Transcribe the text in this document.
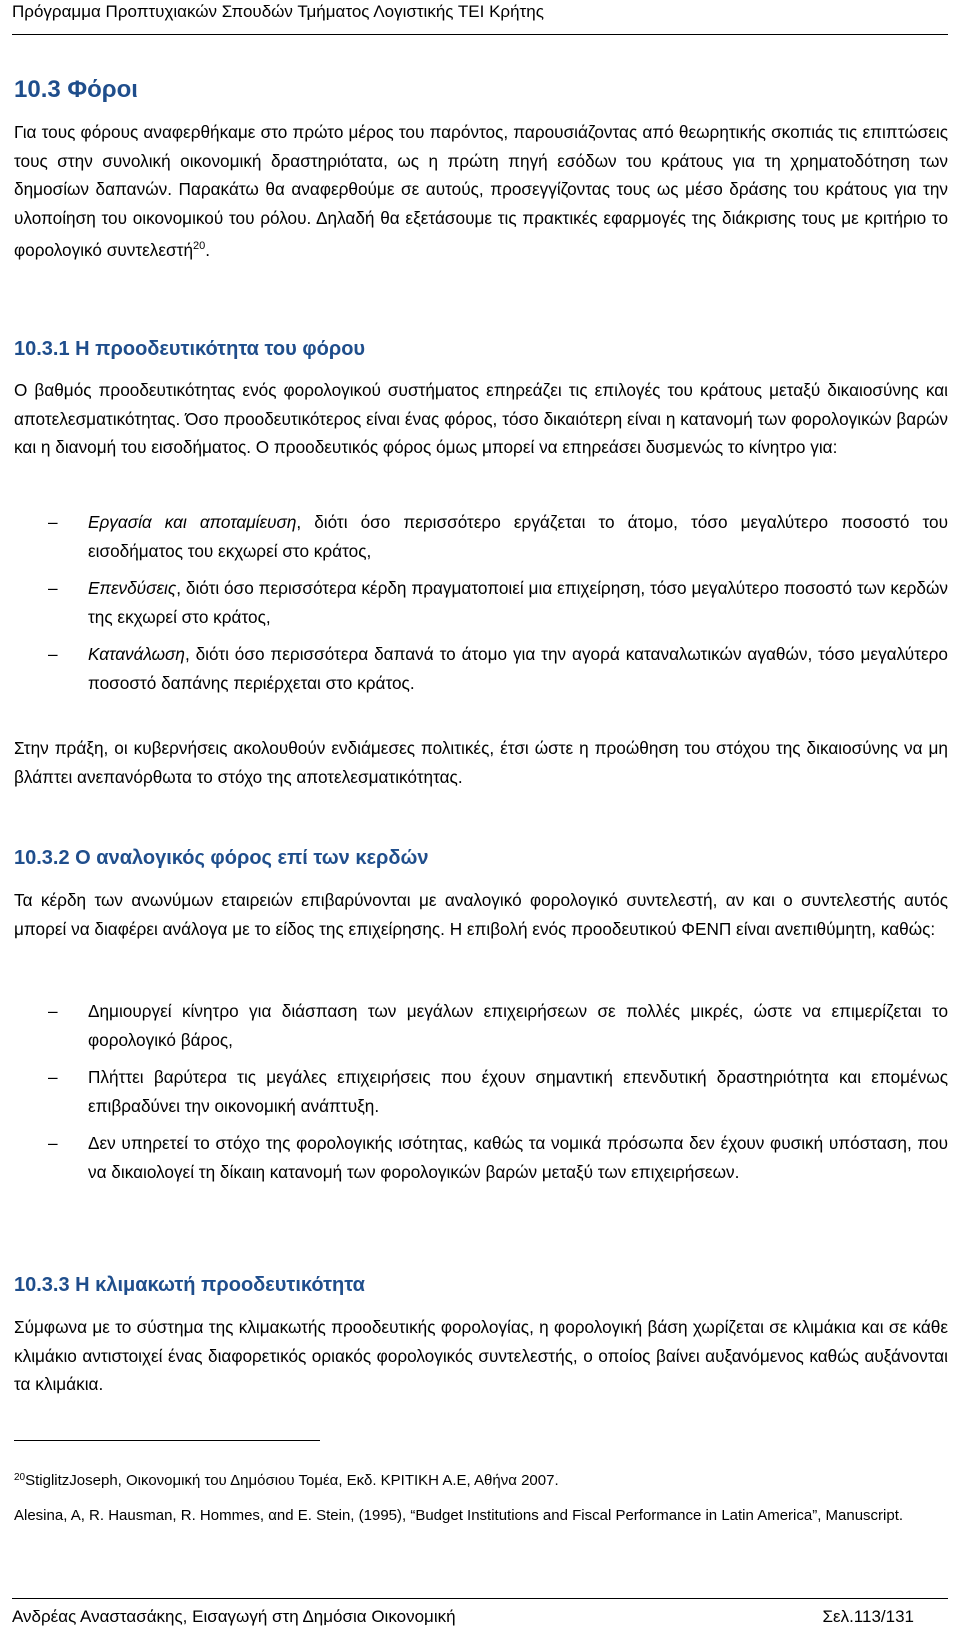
Πρόγραμμα Προπτυχιακών Σπουδών Τμήματος Λογιστικής ΤΕΙ Κρήτης
10.3 Φόροι

Για τους φόρους αναφερθήκαμε στο πρώτο μέρος του παρόντος, παρουσιάζοντας από θεωρητικής σκοπιάς τις επιπτώσεις τους στην συνολική οικονομική δραστηριότατα, ως η πρώτη πηγή εσόδων του κράτους για τη χρηματοδότηση των δημοσίων δαπανών. Παρακάτω θα αναφερθούμε σε αυτούς, προσεγγίζοντας τους ως μέσο δράσης του κράτους για την υλοποίηση του οικονομικού του ρόλου. Δηλαδή θα εξετάσουμε τις πρακτικές εφαρμογές της διάκρισης τους με κριτήριο το φορολογικό συντελεστή$^{20}$.

10.3.1 Η προοδευτικότητα του φόρου

Ο βαθμός προοδευτικότητας ενός φορολογικού συστήματος επηρεάζει τις επιλογές του κράτους μεταξύ δικαιοσύνης και αποτελεσματικότητας. Όσο προοδευτικότερος είναι ένας φόρος, τόσο δικαιότερη είναι η κατανομή των φορολογικών βαρών και η διανομή του εισοδήματος. Ο προοδευτικός φόρος όμως μπορεί να επηρεάσει δυσμενώς το κίνητρο για:

– Εργασία και αποταμίευση, διότι όσο περισσότερο εργάζεται το άτομο, τόσο μεγαλύτερο ποσοστό του εισοδήματος του εκχωρεί στο κράτος,
– Επενδύσεις, διότι όσο περισσότερα κέρδη πραγματοποιεί μια επιχείρηση, τόσο μεγαλύτερο ποσοστό των κερδών της εκχωρεί στο κράτος,
– Κατανάλωση, διότι όσο περισσότερα δαπανά το άτομο για την αγορά καταναλωτικών αγαθών, τόσο μεγαλύτερο ποσοστό δαπάνης περιέρχεται στο κράτος.

Στην πράξη, οι κυβερνήσεις ακολουθούν ενδιάμεσες πολιτικές, έτσι ώστε η προώθηση του στόχου της δικαιοσύνης να μη βλάπτει ανεπανόρθωτα το στόχο της αποτελεσματικότητας.

10.3.2 Ο αναλογικός φόρος επί των κερδών

Τα κέρδη των ανωνύμων εταιρειών επιβαρύνονται με αναλογικό φορολογικό συντελεστή, αν και ο συντελεστής αυτός μπορεί να διαφέρει ανάλογα με το είδος της επιχείρησης. Η επιβολή ενός προοδευτικού ΦΕΝΠ είναι ανεπιθύμητη, καθώς:

– Δημιουργεί κίνητρο για διάσπαση των μεγάλων επιχειρήσεων σε πολλές μικρές, ώστε να επιμερίζεται το φορολογικό βάρος,
– Πλήττει βαρύτερα τις μεγάλες επιχειρήσεις που έχουν σημαντική επενδυτική δραστηριότητα και επομένως επιβραδύνει την οικονομική ανάπτυξη.
– Δεν υπηρετεί το στόχο της φορολογικής ισότητας, καθώς τα νομικά πρόσωπα δεν έχουν φυσική υπόσταση, που να δικαιολογεί τη δίκαιη κατανομή των φορολογικών βαρών μεταξύ των επιχειρήσεων.
10.3.3 Η κλιμακωτή προοδευτικότητα

Σύμφωνα με το σύστημα της κλιμακωτής προοδευτικής φορολογίας, η φορολογική βάση χωρίζεται σε κλιμάκια και σε κάθε κλιμάκιο αντιστοιχεί ένας διαφορετικός οριακός φορολογικός συντελεστής, ο οποίος βαίνει αυξανόμενος καθώς αυξάνονται τα κλιμάκια.

$^{20}$StiglitzJoseph, Οικονομική του Δημόσιου Τομέα, Εκδ. ΚΡΙΤΙΚΗ Α.Ε, Αθήνα 2007.

Alesina, A, R. Hausman, R. Hommes, αnd E. Stein, (1995), “Budget Institutions and Fiscal Performance in Latin America”, Manuscript.

Ανδρέας Αναστασάκης, Εισαγωγή στη Δημόσια Οικονομική	Σελ.113/131
